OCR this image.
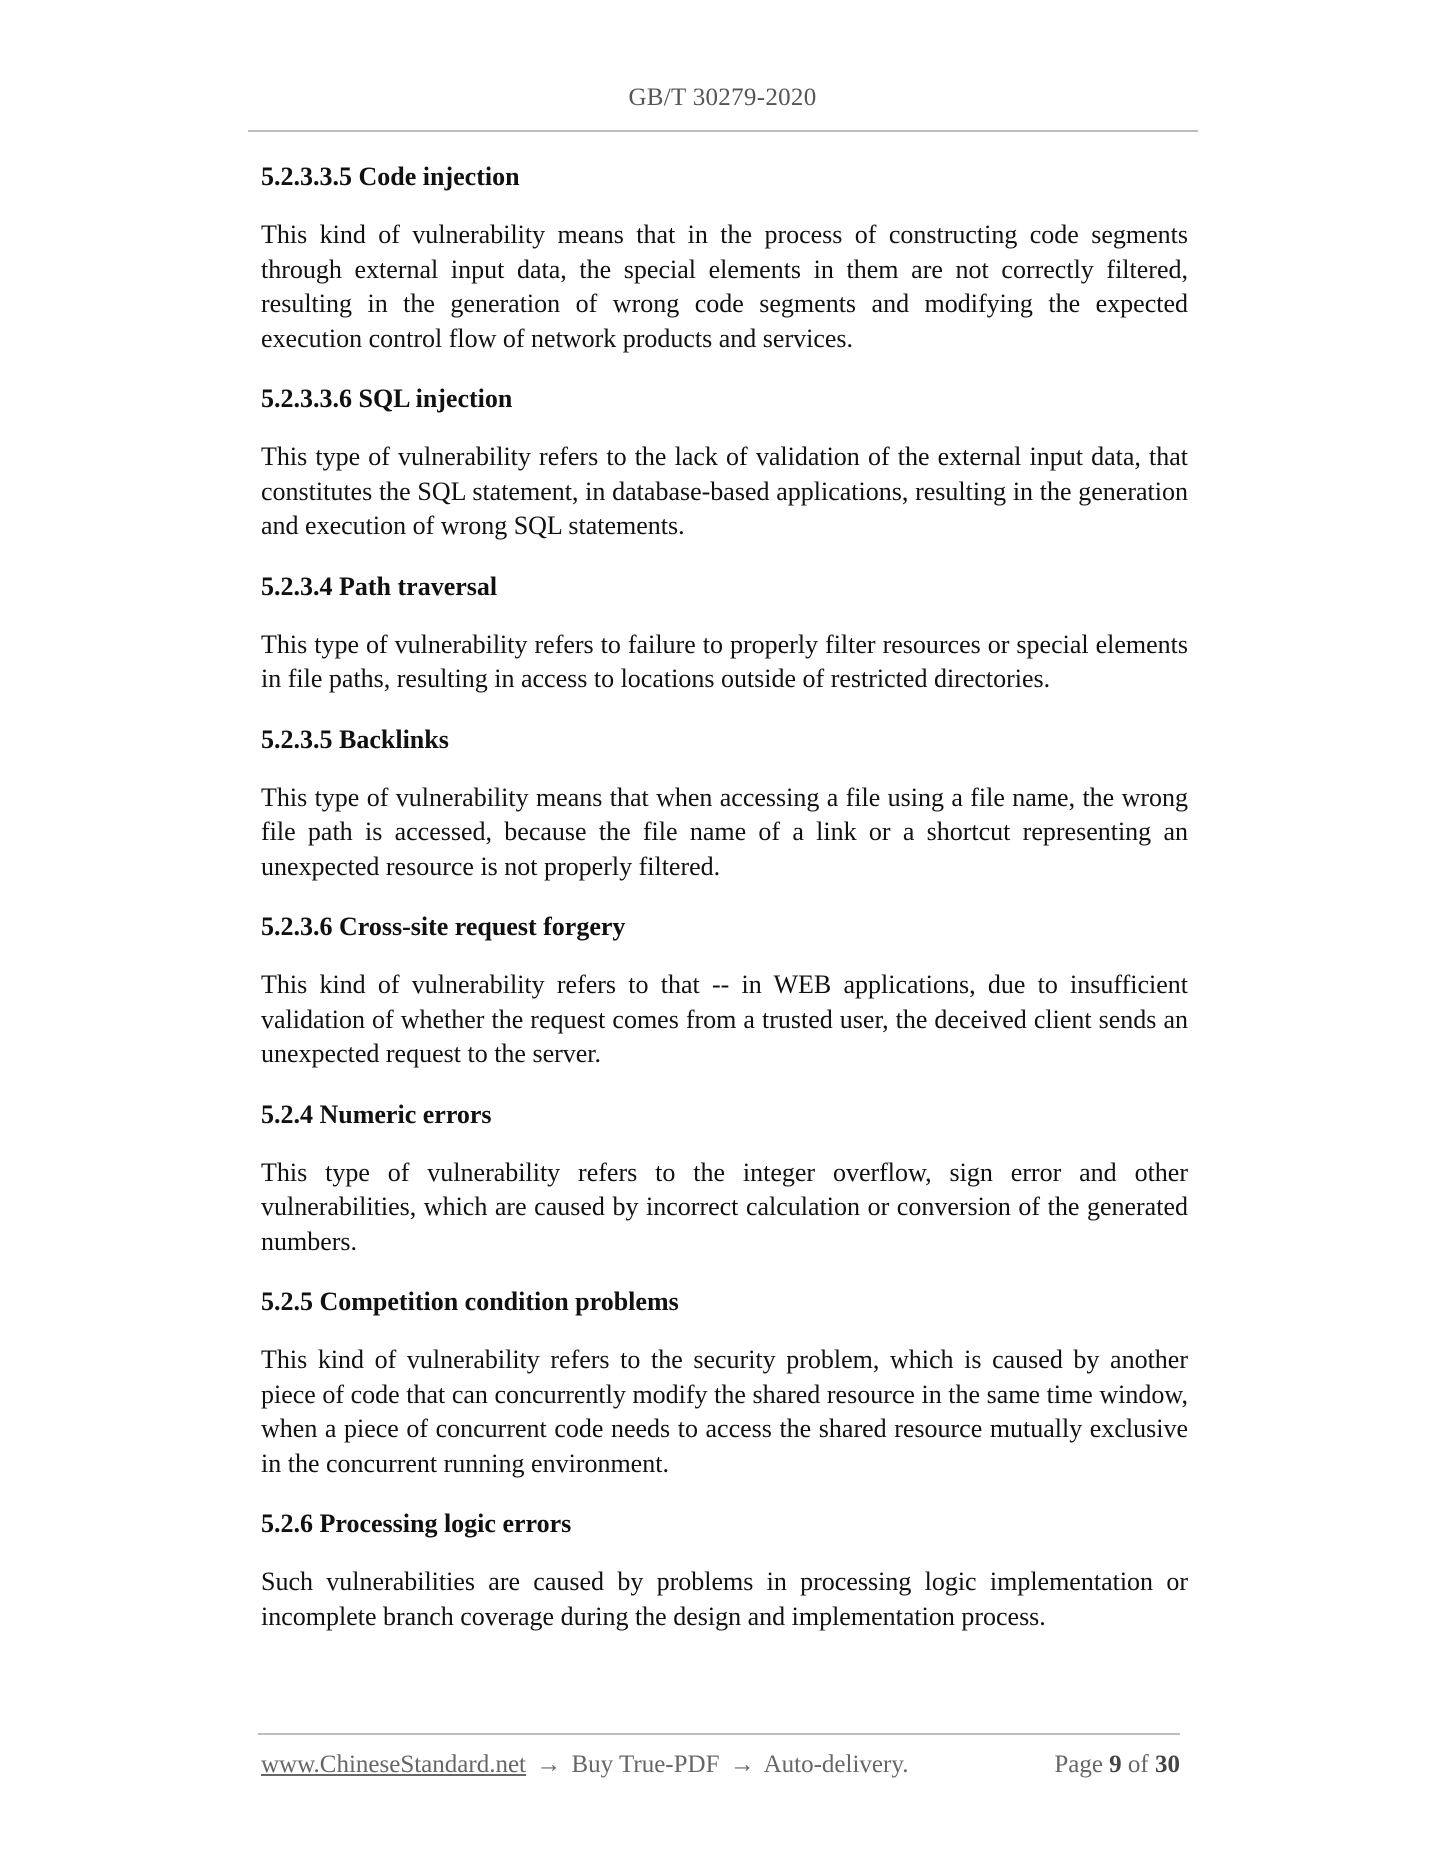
GB/T 30279-2020
5.2.3.3.5 Code injection
This kind of vulnerability means that in the process of constructing code segments through external input data, the special elements in them are not correctly filtered, resulting in the generation of wrong code segments and modifying the expected execution control flow of network products and services.
5.2.3.3.6 SQL injection
This type of vulnerability refers to the lack of validation of the external input data, that constitutes the SQL statement, in database-based applications, resulting in the generation and execution of wrong SQL statements.
5.2.3.4 Path traversal
This type of vulnerability refers to failure to properly filter resources or special elements in file paths, resulting in access to locations outside of restricted directories.
5.2.3.5 Backlinks
This type of vulnerability means that when accessing a file using a file name, the wrong file path is accessed, because the file name of a link or a shortcut representing an unexpected resource is not properly filtered.
5.2.3.6 Cross-site request forgery
This kind of vulnerability refers to that -- in WEB applications, due to insufficient validation of whether the request comes from a trusted user, the deceived client sends an unexpected request to the server.
5.2.4 Numeric errors
This type of vulnerability refers to the integer overflow, sign error and other vulnerabilities, which are caused by incorrect calculation or conversion of the generated numbers.
5.2.5 Competition condition problems
This kind of vulnerability refers to the security problem, which is caused by another piece of code that can concurrently modify the shared resource in the same time window, when a piece of concurrent code needs to access the shared resource mutually exclusive in the concurrent running environment.
5.2.6 Processing logic errors
Such vulnerabilities are caused by problems in processing logic implementation or incomplete branch coverage during the design and implementation process.
www.ChineseStandard.net → Buy True-PDF → Auto-delivery.	Page 9 of 30
